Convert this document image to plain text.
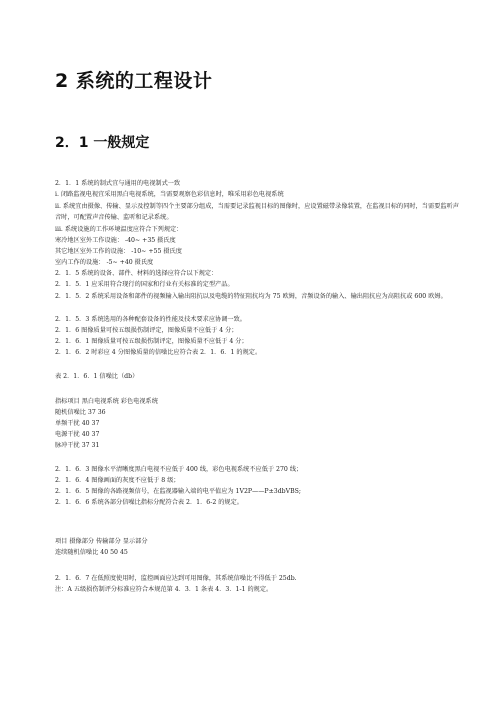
2 系统的工程设计
2．1 一般规定

2．1．1 系统的制式宜与通用的电视制式一致

i. 闭路监视电视宜采用黑白电视系统，当需要观察色彩信息时，唯采用彩色电视系统

ii. 系统宜由摄像、传输、显示及控制等四个主要部分组成，当需要记录监视目标的图像时，应设置磁带录像装置，在监视目标的同时，当需要监听声音时，可配置声音传输、监听和记录系统。

iii. 系统设施的工作环境温度应符合下列规定：

寒冷地区室外工作设施： -40~ +35 摄氏度

其它地区室外工作的设施： -10~ +55 摄氏度

室内工作的设施： -5~ +40 摄氏度

2．1．5 系统的设备、部件、材料的选择应符合以下规定：

2．1．5．1 应采用符合现行的国家和行业有关标准的定型产品。

2．1．5．2 系统采用设备和部件的视频输入输出阻抗以及电缆的特征阻抗均为 75 欧姆，音频设备的输入、输出阻抗应为高阻抗或 600 欧姆。

2．1．5．3 系统选用的各种配套设备的性能及技术要求应协调一致。

2．1．6 图像质量可按五级损伤制评定，图像质量不应低于 4 分；

2．1．6．1 图像质量可按五级损伤制评定，图像质量不应低于 4 分；

2．1．6．2 时彩应 4 分图像质量的信噪比应符合表 2．1．6．1 的规定。

表 2．1．6．1 信噪比（db）

指标项目 黑白电视系统 彩色电视系统

随机信噪比 37 36

单频干扰 40 37

电源干扰 40 37

脉冲干扰 37 31

2．1．6．3 图像水平清晰度黑白电视不应低于 400 线，彩色电视系统不应低于 270 线；

2．1．6．4 图像画面的灰度不应低于 8 级；

2．1．6．5 图像的各路视频信号，在监视器输入端的电平值应为 1V2P——P±3dbVBS;

2．1．6．6 系统各部分信噪比指标分配符合表 2．1．6-2 的规定。

项目 摄像部分 传输部分 显示部分

连续随机信噪比 40 50 45

2．1．6．7 在低照度使用时，监控画面应达到可用图像，其系统信噪比不得低于 25db.

注：A 五级损伤制评分标准应符合本规范第 4．3．1 条表 4．3．1-1 的规定。
